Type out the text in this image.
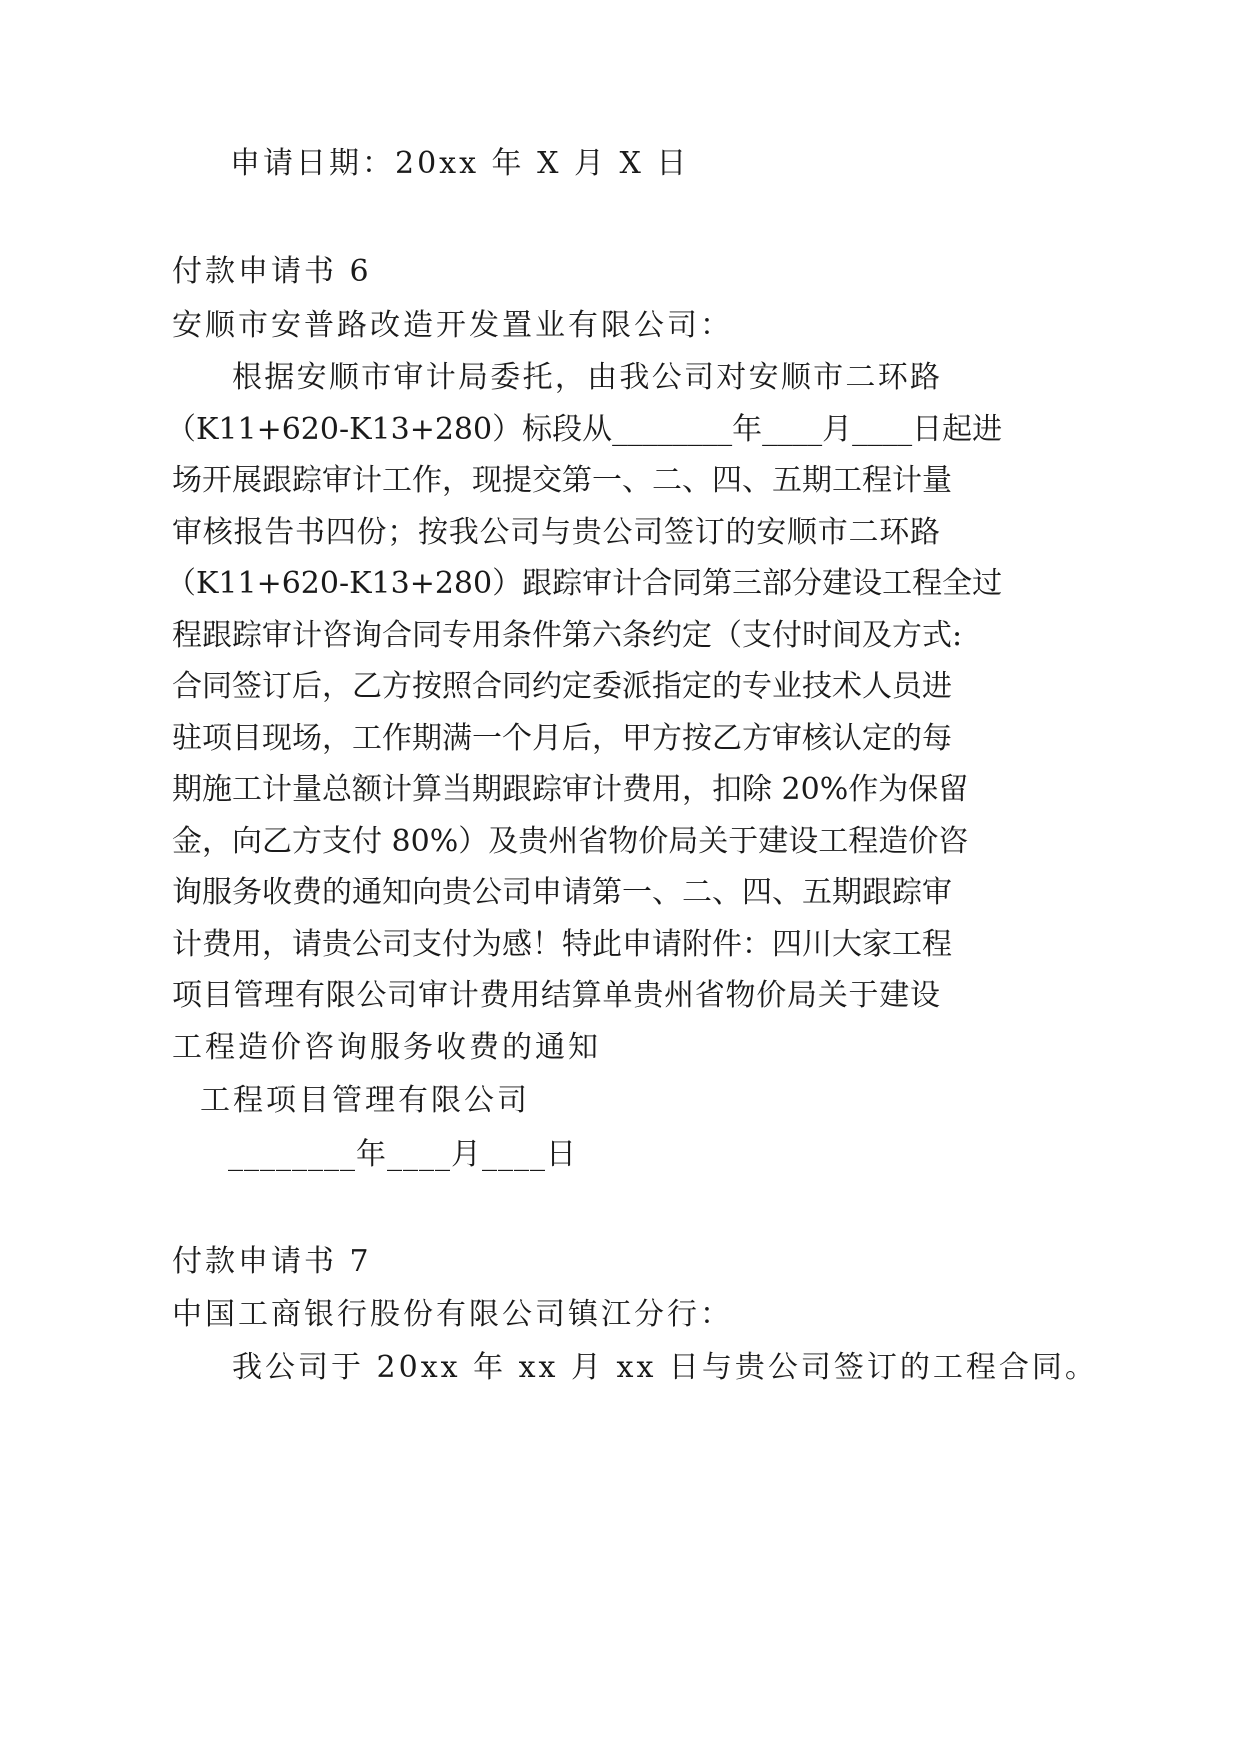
申请日期：20xx 年 X 月 X 日
付款申请书 6
安顺市安普路改造开发置业有限公司：
根据安顺市审计局委托，由我公司对安顺市二环路
（K11+620-K13+280）标段从________年____月____日起进
场开展跟踪审计工作，现提交第一、二、四、五期工程计量
审核报告书四份；按我公司与贵公司签订的安顺市二环路
（K11+620-K13+280）跟踪审计合同第三部分建设工程全过
程跟踪审计咨询合同专用条件第六条约定（支付时间及方式:
合同签订后，乙方按照合同约定委派指定的专业技术人员进
驻项目现场，工作期满一个月后，甲方按乙方审核认定的每
期施工计量总额计算当期跟踪审计费用，扣除 20%作为保留
金，向乙方支付 80%）及贵州省物价局关于建设工程造价咨
询服务收费的通知向贵公司申请第一、二、四、五期跟踪审
计费用，请贵公司支付为感！特此申请附件：四川大家工程
项目管理有限公司审计费用结算单贵州省物价局关于建设
工程造价咨询服务收费的通知
工程项目管理有限公司
________年____月____日
付款申请书 7
中国工商银行股份有限公司镇江分行：
我公司于 20xx 年 xx 月 xx 日与贵公司签订的工程合同。
